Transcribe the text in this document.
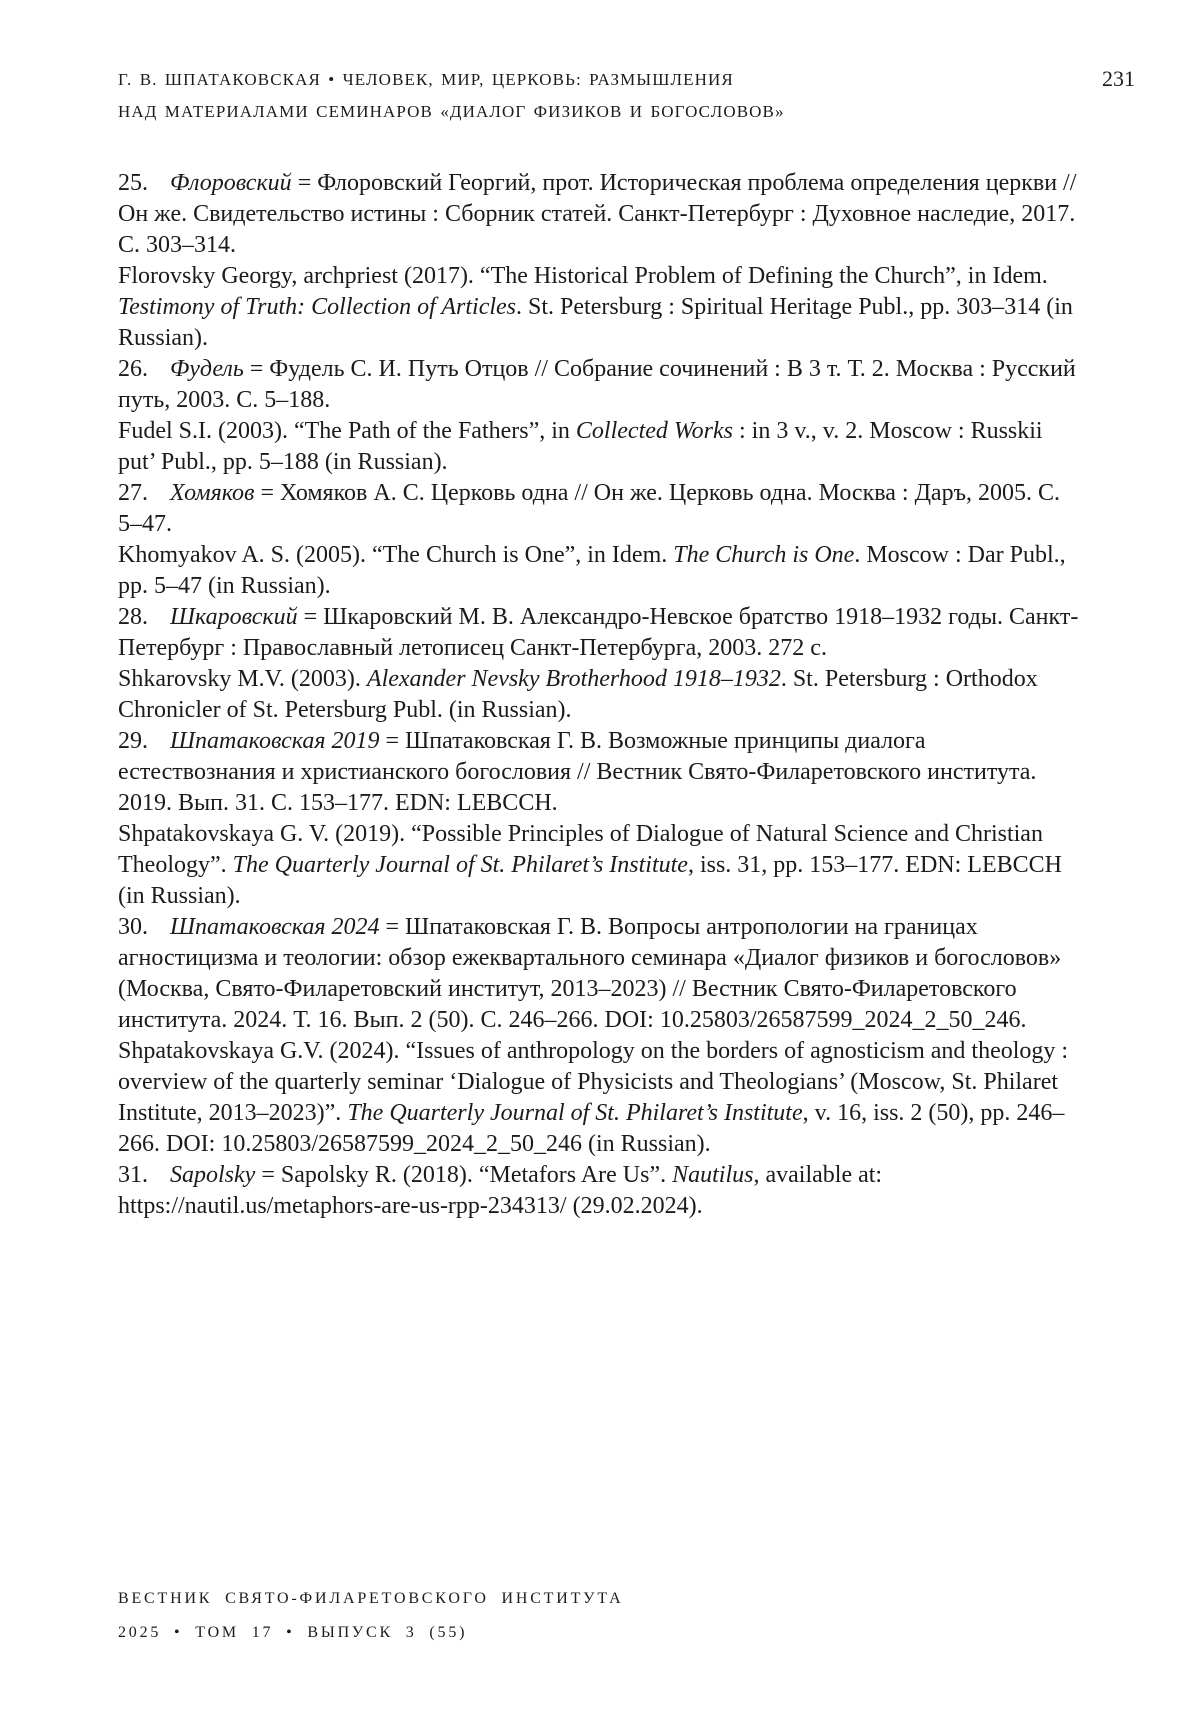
Г. В. ШПАТАКОВСКАЯ • ЧЕЛОВЕК, МИР, ЦЕРКОВЬ: РАЗМЫШЛЕНИЯ
НАД МАТЕРИАЛАМИ СЕМИНАРОВ «ДИАЛОГ ФИЗИКОВ И БОГОСЛОВОВ»
231

25. Флоровский = Флоровский Георгий, прот. Историческая проблема определения церкви // Он же. Свидетельство истины : Сборник статей. Санкт-Петербург : Духовное наследие, 2017. С. 303–314.

Florovsky Georgy, archpriest (2017). “The Historical Problem of Defining the Church”, in Idem. Testimony of Truth: Collection of Articles. St. Petersburg : Spiritual Heritage Publ., pp. 303–314 (in Russian).

26. Фудель = Фудель С. И. Путь Отцов // Собрание сочинений : В 3 т. Т. 2. Москва : Русский путь, 2003. С. 5–188.

Fudel S.I. (2003). “The Path of the Fathers”, in Collected Works : in 3 v., v. 2. Moscow : Russkii put’ Publ., pp. 5–188 (in Russian).

27. Хомяков = Хомяков А. С. Церковь одна // Он же. Церковь одна. Москва : Даръ, 2005. С. 5–47.

Khomyakov A. S. (2005). “The Church is One”, in Idem. The Church is One. Moscow : Dar Publ., pp. 5–47 (in Russian).

28. Шкаровский = Шкаровский М. В. Александро-Невское братство 1918–1932 годы. Санкт-Петербург : Православный летописец Санкт-Петербурга, 2003. 272 с.

Shkarovsky M.V. (2003). Alexander Nevsky Brotherhood 1918–1932. St. Petersburg : Orthodox Chronicler of St. Petersburg Publ. (in Russian).

29. Шпатаковская 2019 = Шпатаковская Г. В. Возможные принципы диалога естествознания и христианского богословия // Вестник Свято-Филаретовского института. 2019. Вып. 31. С. 153–177. EDN: LEBCCH.

Shpatakovskaya G. V. (2019). “Possible Principles of Dialogue of Natural Science and Christian Theology”. The Quarterly Journal of St. Philaret’s Institute, iss. 31, pp. 153–177. EDN: LEBCCH (in Russian).

30. Шпатаковская 2024 = Шпатаковская Г. В. Вопросы антропологии на границах агностицизма и теологии: обзор ежеквартального семинара «Диалог физиков и богословов» (Москва, Свято-Филаретовский институт, 2013–2023) // Вестник Свято-Филаретовского института. 2024. Т. 16. Вып. 2 (50). С. 246–266. DOI: 10.25803/26587599_2024_2_50_246.

Shpatakovskaya G.V. (2024). “Issues of anthropology on the borders of agnosticism and theology : overview of the quarterly seminar ‘Dialogue of Physicists and Theologians’ (Moscow, St. Philaret Institute, 2013–2023)”. The Quarterly Journal of St. Philaret’s Institute, v. 16, iss. 2 (50), pp. 246–266. DOI: 10.25803/26587599_2024_2_50_246 (in Russian).

31. Sapolsky = Sapolsky R. (2018). “Metafors Are Us”. Nautilus, available at: https://nautil.us/metaphors-are-us-rpp-234313/ (29.02.2024).

ВЕСТНИК СВЯТО-ФИЛАРЕТОВСКОГО ИНСТИТУТА
2025 • ТОМ 17 • ВЫПУСК 3 (55)
